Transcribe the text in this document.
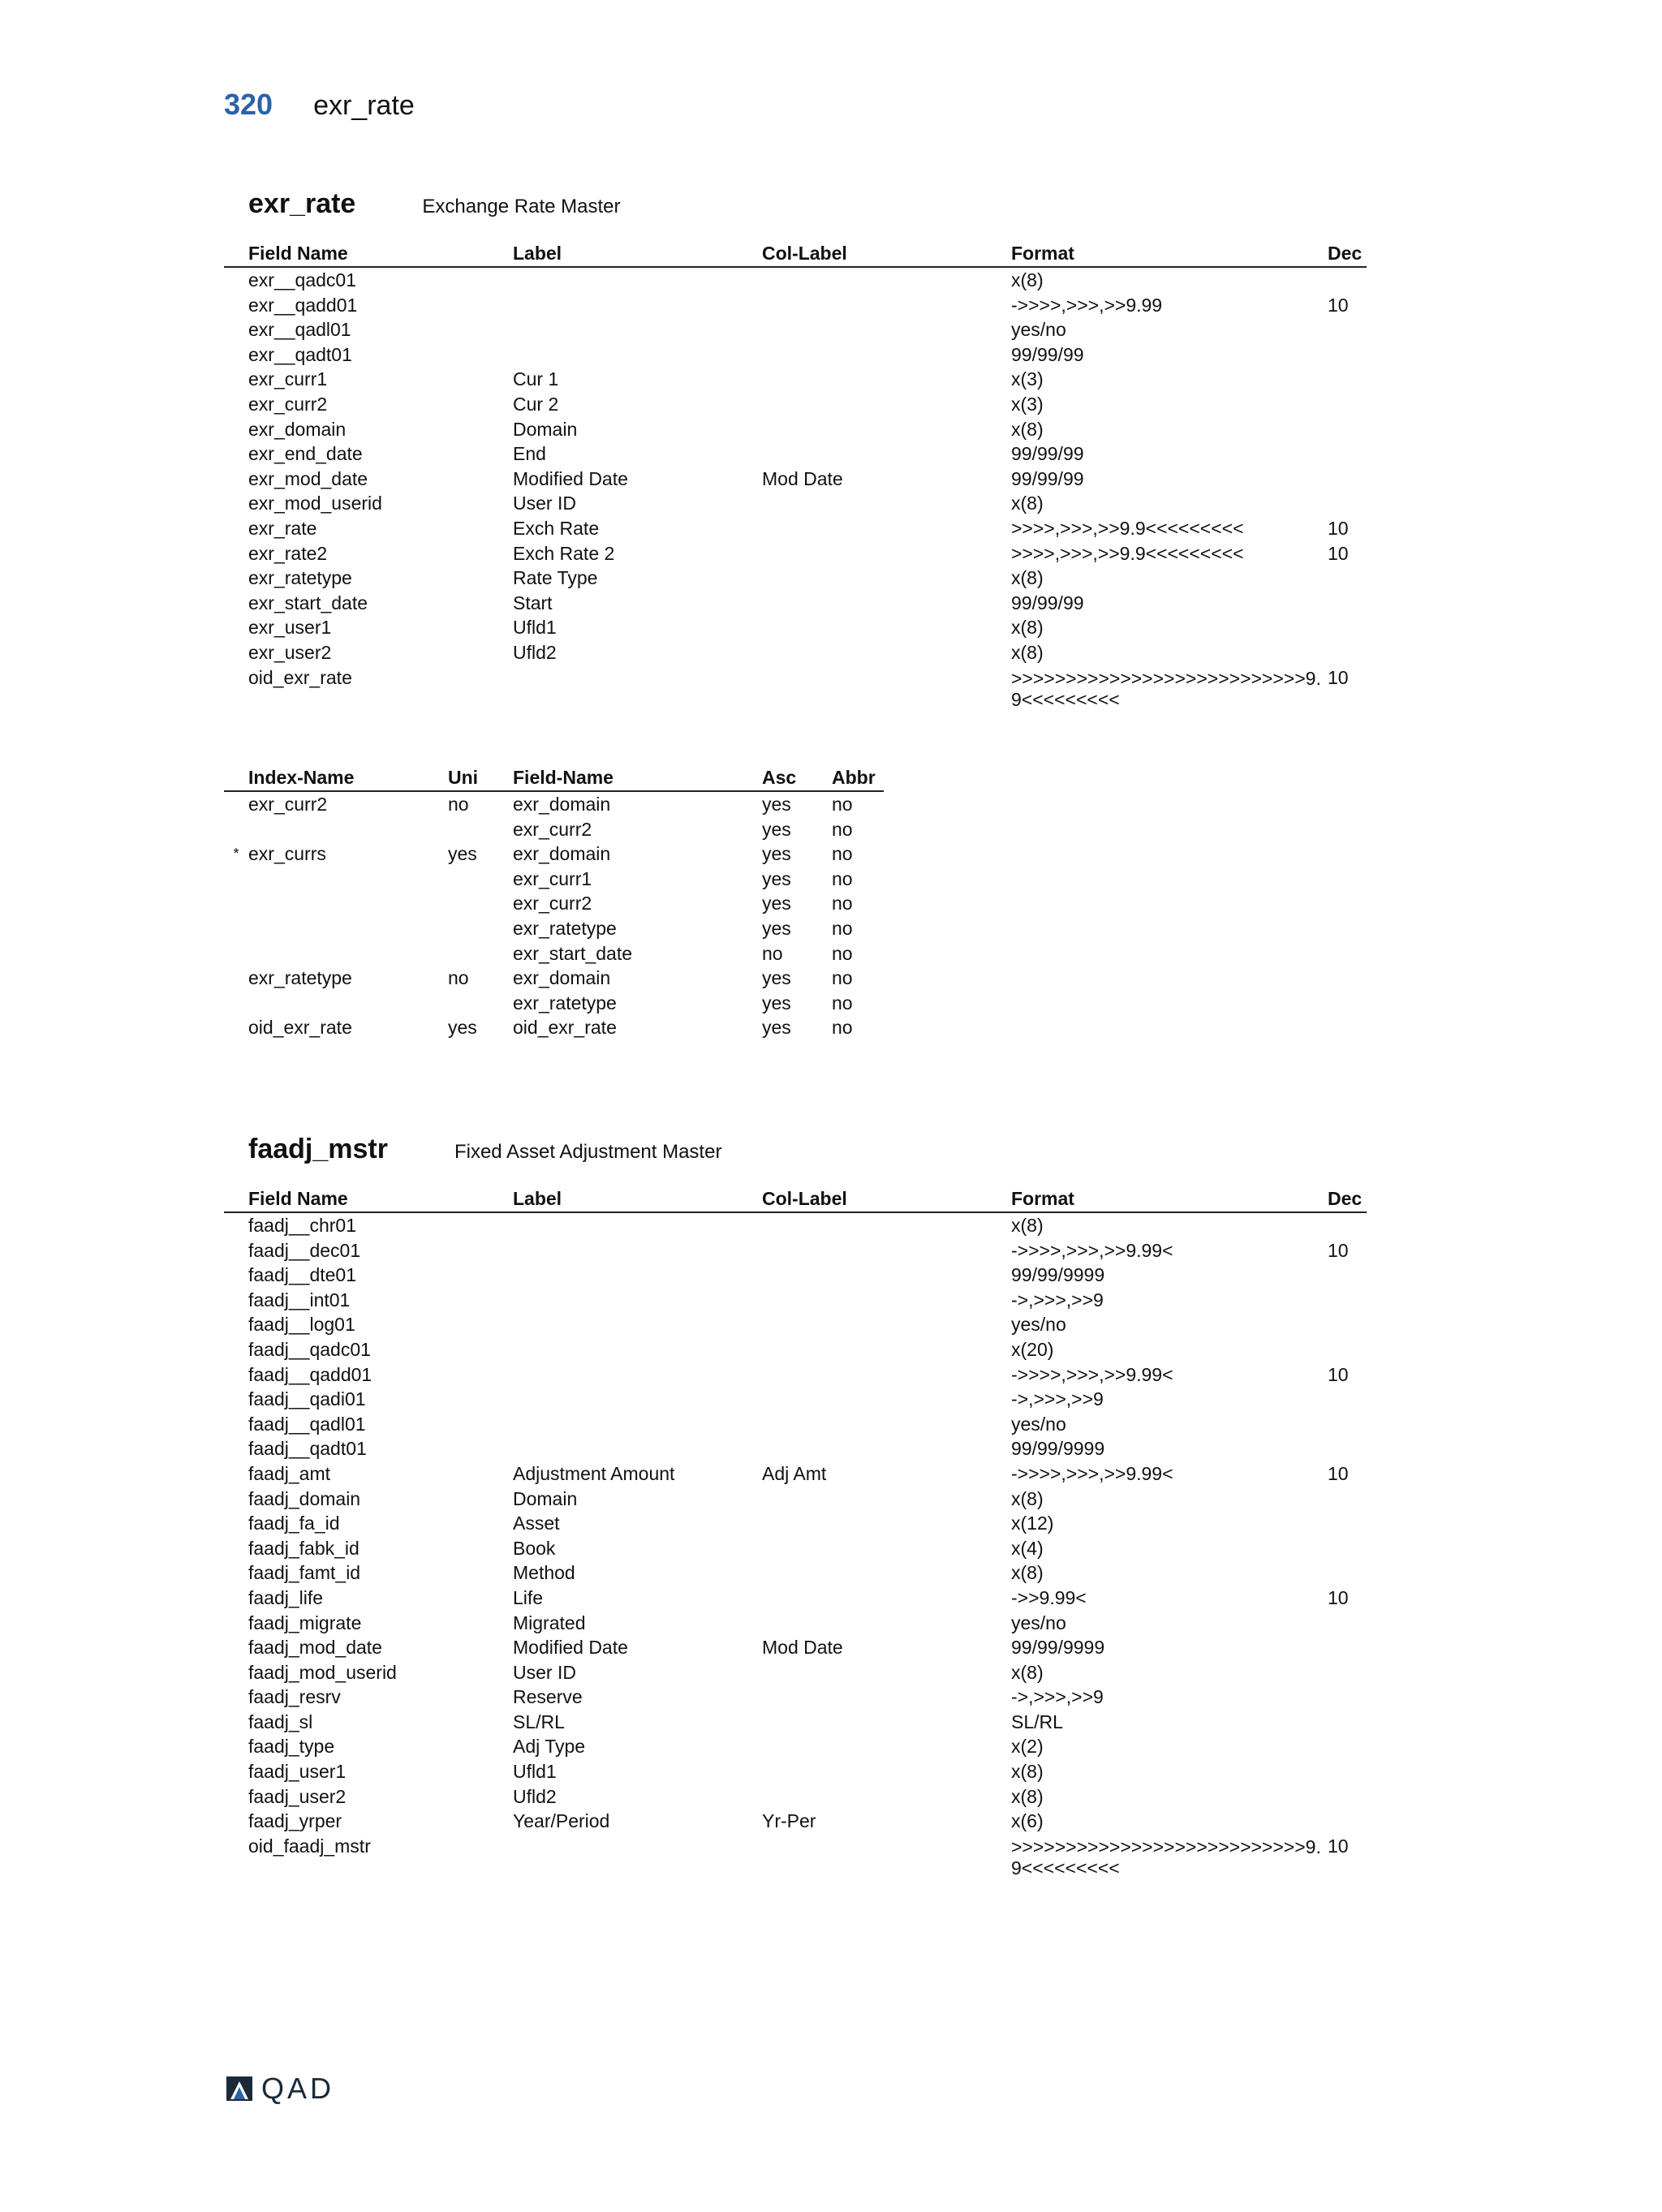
320 exr_rate
exr_rate	Exchange Rate Master
	Field Name	Label	Col-Label	Format	Dec
	exr__qadc01			x(8)	
	exr__qadd01			->>>>,>>>,>>9.99	10
	exr__qadl01			yes/no	
	exr__qadt01			99/99/99	
	exr_curr1	Cur 1		x(3)	
	exr_curr2	Cur 2		x(3)	
	exr_domain	Domain		x(8)	
	exr_end_date	End		99/99/99	
	exr_mod_date	Modified Date	Mod Date	99/99/99	
	exr_mod_userid	User ID		x(8)	
	exr_rate	Exch Rate		>>>>,>>>,>>9.9<<<<<<<<<	10
	exr_rate2	Exch Rate 2		>>>>,>>>,>>9.9<<<<<<<<<	10
	exr_ratetype	Rate Type		x(8)	
	exr_start_date	Start		99/99/99	
	exr_user1	Ufld1		x(8)	
	exr_user2	Ufld2		x(8)	
	oid_exr_rate			>>>>>>>>>>>>>>>>>>>>>>>>>>>9.9<<<<<<<<<	10
	Index-Name	Uni	Field-Name	Asc	Abbr
	exr_curr2	no	exr_domain	yes	no
			exr_curr2	yes	no
*	exr_currs	yes	exr_domain	yes	no
			exr_curr1	yes	no
			exr_curr2	yes	no
			exr_ratetype	yes	no
			exr_start_date	no	no
	exr_ratetype	no	exr_domain	yes	no
			exr_ratetype	yes	no
	oid_exr_rate	yes	oid_exr_rate	yes	no
faadj_mstr	Fixed Asset Adjustment Master
	Field Name	Label	Col-Label	Format	Dec
	faadj__chr01			x(8)	
	faadj__dec01			->>>>,>>>,>>9.99<	10
	faadj__dte01			99/99/9999	
	faadj__int01			->,>>>,>>9	
	faadj__log01			yes/no	
	faadj__qadc01			x(20)	
	faadj__qadd01			->>>>,>>>,>>9.99<	10
	faadj__qadi01			->,>>>,>>9	
	faadj__qadl01			yes/no	
	faadj__qadt01			99/99/9999	
	faadj_amt	Adjustment Amount	Adj Amt	->>>>,>>>,>>9.99<	10
	faadj_domain	Domain		x(8)	
	faadj_fa_id	Asset		x(12)	
	faadj_fabk_id	Book		x(4)	
	faadj_famt_id	Method		x(8)	
	faadj_life	Life		->>9.99<	10
	faadj_migrate	Migrated		yes/no	
	faadj_mod_date	Modified Date	Mod Date	99/99/9999	
	faadj_mod_userid	User ID		x(8)	
	faadj_resrv	Reserve		->,>>>,>>9	
	faadj_sl	SL/RL		SL/RL	
	faadj_type	Adj Type		x(2)	
	faadj_user1	Ufld1		x(8)	
	faadj_user2	Ufld2		x(8)	
	faadj_yrper	Year/Period	Yr-Per	x(6)	
	oid_faadj_mstr			>>>>>>>>>>>>>>>>>>>>>>>>>>>9.9<<<<<<<<<	10
QAD
